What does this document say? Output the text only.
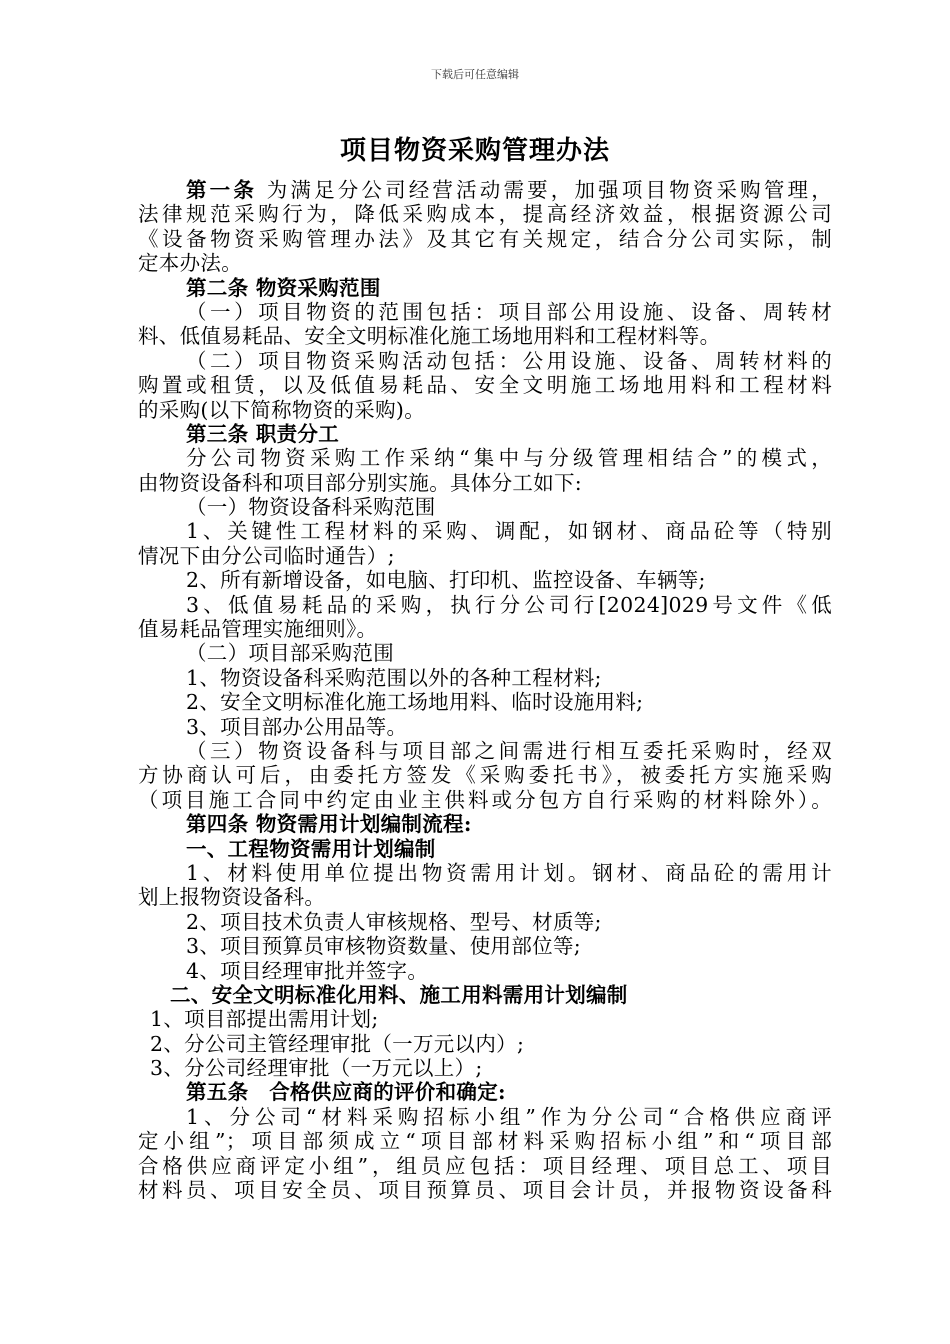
下载后可任意编辑
项目物资采购管理办法
第一条 为满足分公司经营活动需要，加强项目物资采购管理，
法律规范采购行为，降低采购成本，提高经济效益，根据资源公司
《设备物资采购管理办法》及其它有关规定，结合分公司实际，制
定本办法。
第二条 物资采购范围
（一）项目物资的范围包括：项目部公用设施、设备、周转材
料、低值易耗品、安全文明标准化施工场地用料和工程材料等。
（二）项目物资采购活动包括：公用设施、设备、周转材料的
购置或租赁，以及低值易耗品、安全文明施工场地用料和工程材料
的采购(以下简称物资的采购)。
第三条 职责分工
分公司物资采购工作采纳“集中与分级管理相结合”的模式，
由物资设备科和项目部分别实施。具体分工如下:
（一）物资设备科采购范围
1、关键性工程材料的采购、调配，如钢材、商品砼等（特别
情况下由分公司临时通告）;
2、所有新增设备，如电脑、打印机、监控设备、车辆等;
3、低值易耗品的采购，执行分公司行[2024]029号文件《低
值易耗品管理实施细则》。
（二）项目部采购范围
1、物资设备科采购范围以外的各种工程材料;
2、安全文明标准化施工场地用料、临时设施用料;
3、项目部办公用品等。
（三）物资设备科与项目部之间需进行相互委托采购时，经双
方协商认可后，由委托方签发《采购委托书》，被委托方实施采购
（项目施工合同中约定由业主供料或分包方自行采购的材料除外）。
第四条 物资需用计划编制流程:
一、工程物资需用计划编制
1、材料使用单位提出物资需用计划。钢材、商品砼的需用计
划上报物资设备科。
2、项目技术负责人审核规格、型号、材质等;
3、项目预算员审核物资数量、使用部位等;
4、项目经理审批并签字。
二、安全文明标准化用料、施工用料需用计划编制
1、项目部提出需用计划;
2、分公司主管经理审批（一万元以内）;
3、分公司经理审批（一万元以上）;
第五条　合格供应商的评价和确定:
1、分公司“材料采购招标小组”作为分公司“合格供应商评
定小组”；项目部须成立“项目部材料采购招标小组”和“项目部
合格供应商评定小组”，组员应包括：项目经理、项目总工、项目
材料员、项目安全员、项目预算员、项目会计员，并报物资设备科
